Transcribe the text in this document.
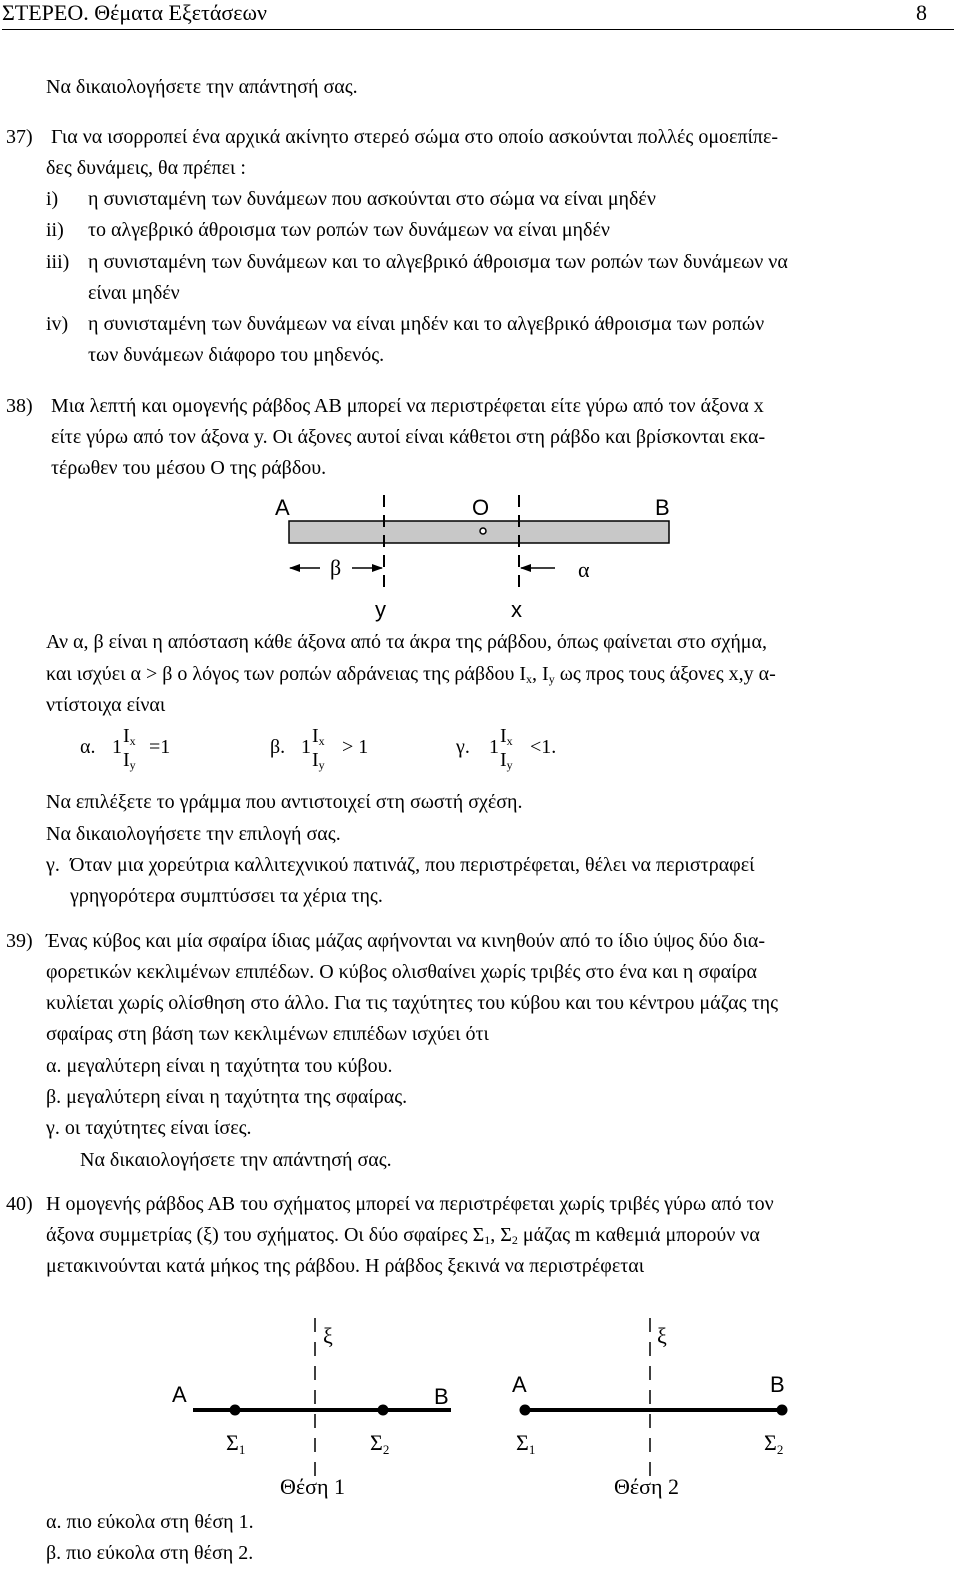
ΣΤΕΡΕΟ. Θέματα Εξετάσεων	8
Να δικαιολογήσετε την απάντησή σας.
37) Για να ισορροπεί ένα αρχικά ακίνητο στερεό σώμα στο οποίο ασκούνται πολλές ομοεπίπε-
δες δυνάμεις, θα πρέπει :
i) η συνισταμένη των δυνάμεων που ασκούνται στο σώμα να είναι μηδέν
ii) το αλγεβρικό άθροισμα των ροπών των δυνάμεων να είναι μηδέν
iii) η συνισταμένη των δυνάμεων και το αλγεβρικό άθροισμα των ροπών των δυνάμεων να
είναι μηδέν
iv) η συνισταμένη των δυνάμεων να είναι μηδέν και το αλγεβρικό άθροισμα των ροπών
των δυνάμεων διάφορο του μηδενός.
38) Μια λεπτή και ομογενής ράβδος ΑΒ μπορεί να περιστρέφεται είτε γύρω από τον άξονα x
είτε γύρω από τον άξονα y. Οι άξονες αυτοί είναι κάθετοι στη ράβδο και βρίσκονται εκα-
τέρωθεν του μέσου Ο της ράβδου.
A	O	B
β	α
y	x
Αν α, β είναι η απόσταση κάθε άξονα από τα άκρα της ράβδου, όπως φαίνεται στο σχήμα,
και ισχύει α > β ο λόγος των ροπών αδράνειας της ράβδου $I_x$, $I_y$ ως προς τους άξονες x,y α-
ντίστοιχα είναι
α. 1 $I_x$
$I_y$
=1	β. 1 $I_x$
$I_y$
> 1	γ. 1 $I_x$
$I_y$
<1.
Να επιλέξετε το γράμμα που αντιστοιχεί στη σωστή σχέση.
Να δικαιολογήσετε την επιλογή σας.
γ. Όταν μια χορεύτρια καλλιτεχνικού πατινάζ, που περιστρέφεται, θέλει να περιστραφεί
γρηγορότερα συμπτύσσει τα χέρια της.
39) Ένας κύβος και μία σφαίρα ίδιας μάζας αφήνονται να κινηθούν από το ίδιο ύψος δύο δια-
φορετικών κεκλιμένων επιπέδων. Ο κύβος ολισθαίνει χωρίς τριβές στο ένα και η σφαίρα
κυλίεται χωρίς ολίσθηση στο άλλο. Για τις ταχύτητες του κύβου και του κέντρου μάζας της
σφαίρας στη βάση των κεκλιμένων επιπέδων ισχύει ότι
α. μεγαλύτερη είναι η ταχύτητα του κύβου.
β. μεγαλύτερη είναι η ταχύτητα της σφαίρας.
γ. οι ταχύτητες είναι ίσες.
Να δικαιολογήσετε την απάντησή σας.
40) Η ομογενής ράβδος ΑΒ του σχήματος μπορεί να περιστρέφεται χωρίς τριβές γύρω από τον
άξονα συμμετρίας (ξ) του σχήματος. Οι δύο σφαίρες $\Sigma_1$, $\Sigma_2$ μάζας m καθεμιά μπορούν να
μετακινούνται κατά μήκος της ράβδου. Η ράβδος ξεκινά να περιστρέφεται
ξ
A	B
Σ1	Σ2
Θέση 1
ξ
A	B
Σ1	Σ2
Θέση 2
α. πιο εύκολα στη θέση 1.
β. πιο εύκολα στη θέση 2.
